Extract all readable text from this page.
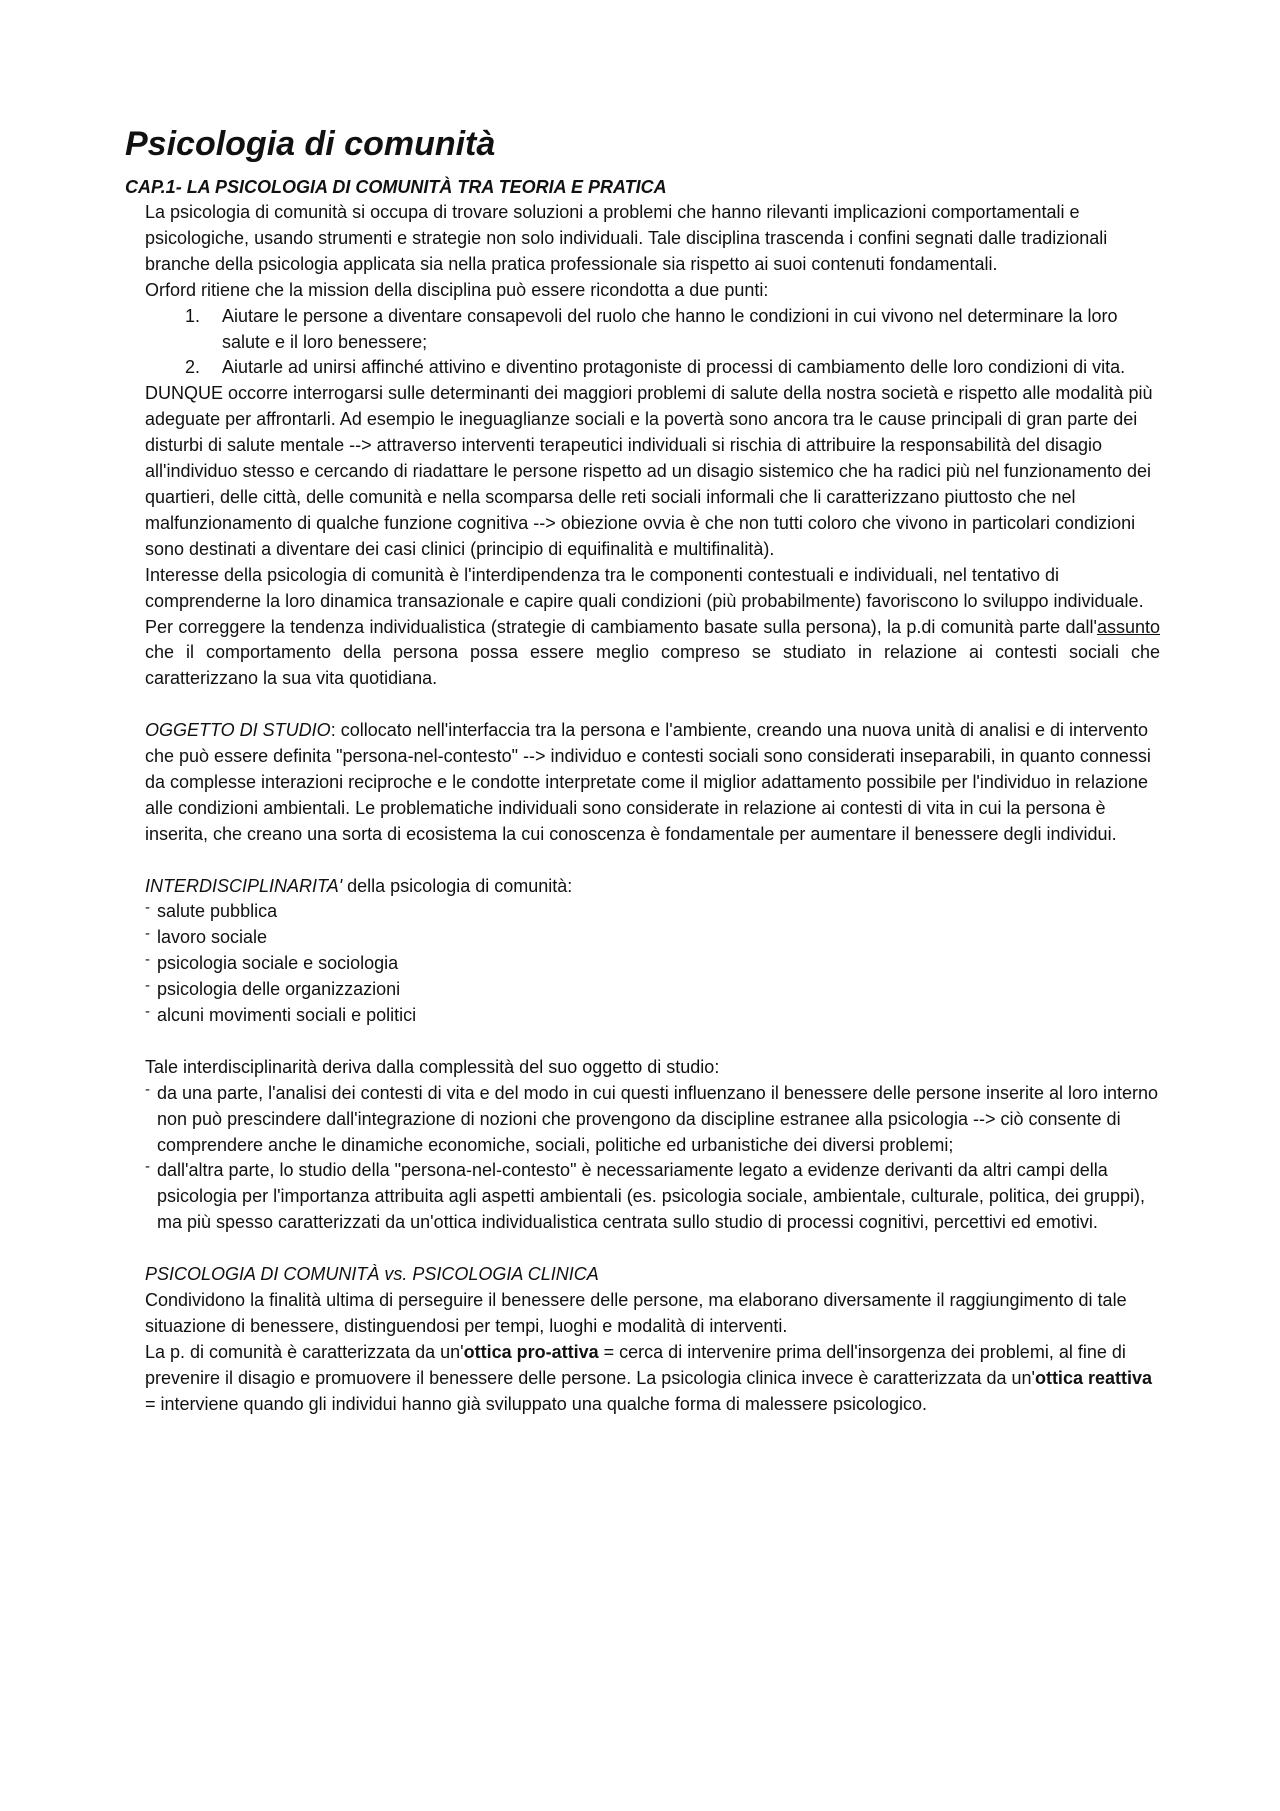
Psicologia di comunità
CAP.1- LA PSICOLOGIA DI COMUNITÀ TRA TEORIA E PRATICA

La psicologia di comunità si occupa di trovare soluzioni a problemi che hanno rilevanti implicazioni comportamentali e psicologiche, usando strumenti e strategie non solo individuali. Tale disciplina trascenda i confini segnati dalle tradizionali branche della psicologia applicata sia nella pratica professionale sia rispetto ai suoi contenuti fondamentali.

Orford ritiene che la mission della disciplina può essere ricondotta a due punti:

1. Aiutare le persone a diventare consapevoli del ruolo che hanno le condizioni in cui vivono nel determinare la loro salute e il loro benessere;
2. Aiutarle ad unirsi affinché attivino e diventino protagoniste di processi di cambiamento delle loro condizioni di vita.

DUNQUE occorre interrogarsi sulle determinanti dei maggiori problemi di salute della nostra società e rispetto alle modalità più adeguate per affrontarli. Ad esempio le ineguaglianze sociali e la povertà sono ancora tra le cause principali di gran parte dei disturbi di salute mentale --> attraverso interventi terapeutici individuali si rischia di attribuire la responsabilità del disagio all'individuo stesso e cercando di riadattare le persone rispetto ad un disagio sistemico che ha radici più nel funzionamento dei quartieri, delle città, delle comunità e nella scomparsa delle reti sociali informali che li caratterizzano piuttosto che nel malfunzionamento di qualche funzione cognitiva --> obiezione ovvia è che non tutti coloro che vivono in particolari condizioni sono destinati a diventare dei casi clinici (principio di equifinalità e multifinalità).

Interesse della psicologia di comunità è l'interdipendenza tra le componenti contestuali e individuali, nel tentativo di comprenderne la loro dinamica transazionale e capire quali condizioni (più probabilmente) favoriscono lo sviluppo individuale.

Per correggere la tendenza individualistica (strategie di cambiamento basate sulla persona), la p.di comunità parte dall'assunto che il comportamento della persona possa essere meglio compreso se studiato in relazione ai contesti sociali che caratterizzano la sua vita quotidiana.

OGGETTO DI STUDIO: collocato nell'interfaccia tra la persona e l'ambiente, creando una nuova unità di analisi e di intervento che può essere definita "persona-nel-contesto" --> individuo e contesti sociali sono considerati inseparabili, in quanto connessi da complesse interazioni reciproche e le condotte interpretate come il miglior adattamento possibile per l'individuo in relazione alle condizioni ambientali. Le problematiche individuali sono considerate in relazione ai contesti di vita in cui la persona è inserita, che creano una sorta di ecosistema la cui conoscenza è fondamentale per aumentare il benessere degli individui.

INTERDISCIPLINARITA' della psicologia di comunità:

- salute pubblica
- lavoro sociale
- psicologia sociale e sociologia
- psicologia delle organizzazioni
- alcuni movimenti sociali e politici

Tale interdisciplinarità deriva dalla complessità del suo oggetto di studio:

- da una parte, l'analisi dei contesti di vita e del modo in cui questi influenzano il benessere delle persone inserite al loro interno non può prescindere dall'integrazione di nozioni che provengono da discipline estranee alla psicologia --> ciò consente di comprendere anche le dinamiche economiche, sociali, politiche ed urbanistiche dei diversi problemi;
- dall'altra parte, lo studio della "persona-nel-contesto" è necessariamente legato a evidenze derivanti da altri campi della psicologia per l'importanza attribuita agli aspetti ambientali (es. psicologia sociale, ambientale, culturale, politica, dei gruppi), ma più spesso caratterizzati da un'ottica individualistica centrata sullo studio di processi cognitivi, percettivi ed emotivi.

PSICOLOGIA DI COMUNITÀ vs. PSICOLOGIA CLINICA

Condividono la finalità ultima di perseguire il benessere delle persone, ma elaborano diversamente il raggiungimento di tale situazione di benessere, distinguendosi per tempi, luoghi e modalità di interventi.

La p. di comunità è caratterizzata da un'ottica pro-attiva = cerca di intervenire prima dell'insorgenza dei problemi, al fine di prevenire il disagio e promuovere il benessere delle persone. La psicologia clinica invece è caratterizzata da un'ottica reattiva = interviene quando gli individui hanno già sviluppato una qualche forma di malessere psicologico.
